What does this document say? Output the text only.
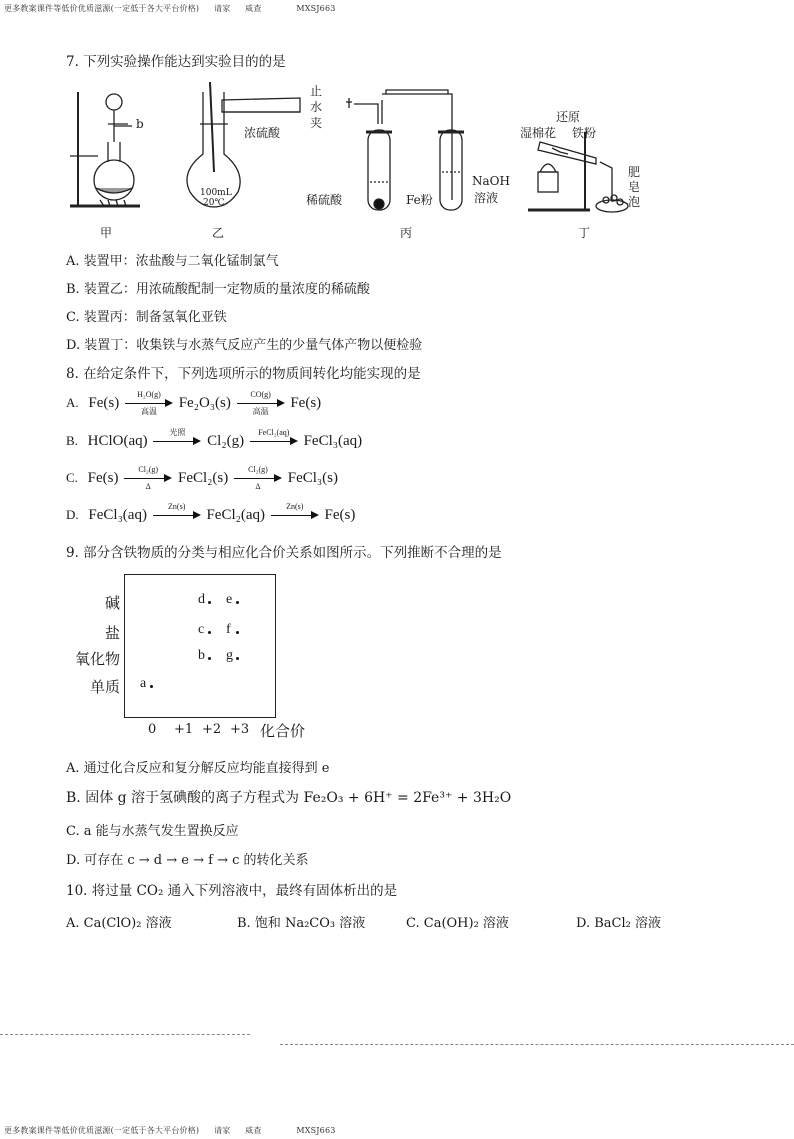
更多教案课件等低价优质滋源(一定低于各大平台价格) 请家 威查	MXSJ663
7. 下列实验操作能达到实验目的的是
b
浓硫酸
100mL
20℃
止
水
夹
稀硫酸	Fe粉
NaOH
溶液
还原
铁粉
湿棉花
肥
皂
泡
甲	乙	丙	丁
A. 装置甲：浓盐酸与二氧化锰制氯气
B. 装置乙：用浓硫酸配制一定物质的量浓度的稀硫酸
C. 装置丙：制备氢氧化亚铁
D. 装置丁：收集铁与水蒸气反应产生的少量气体产物以便检验
8. 在给定条件下，下列选项所示的物质间转化均能实现的是
A. Fe(s)
H₂O(g)
高温
Fe₂O₃(s)
CO(g)
高温
Fe(s)
B. HClO(aq)
光照
Cl₂(g)
FeCl₂(aq)
FeCl₃(aq)
C. $Fe(s) \frac{\text{Cl₂(g)}}{\Delta}$ FeCl₂(s) $\frac{\text{Cl₂(g)}}{\Delta}$ FeCl₃(s)
D. FeCl₃(aq)
Zn(s)
FeCl₂(aq)
Zn(s)
Fe(s)
9. 部分含铁物质的分类与相应化合价关系如图所示。下列推断不合理的是
单质
氧化物
盐
碱
0 +1 +2 +3 化合价
a
b g
c f
d e
A. 通过化合反应和复分解反应均能直接得到 e
B. 固体 g 溶于氢碘酸的离子方程式为 Fe₂O₃ + 6H⁺ = 2Fe³⁺ + 3H₂O
C. a 能与水蒸气发生置换反应
D. 可存在 c → d → e → f → c 的转化关系
10. 将过量 CO₂ 通入下列溶液中，最终有固体析出的是
A. Ca(ClO)₂ 溶液	B. 饱和 Na₂CO₃ 溶液	C. Ca(OH)₂ 溶液	D. BaCl₂ 溶液
更多教案课件等低价优质滋源(一定低于各大平台价格) 请家 威查	MXSJ663
